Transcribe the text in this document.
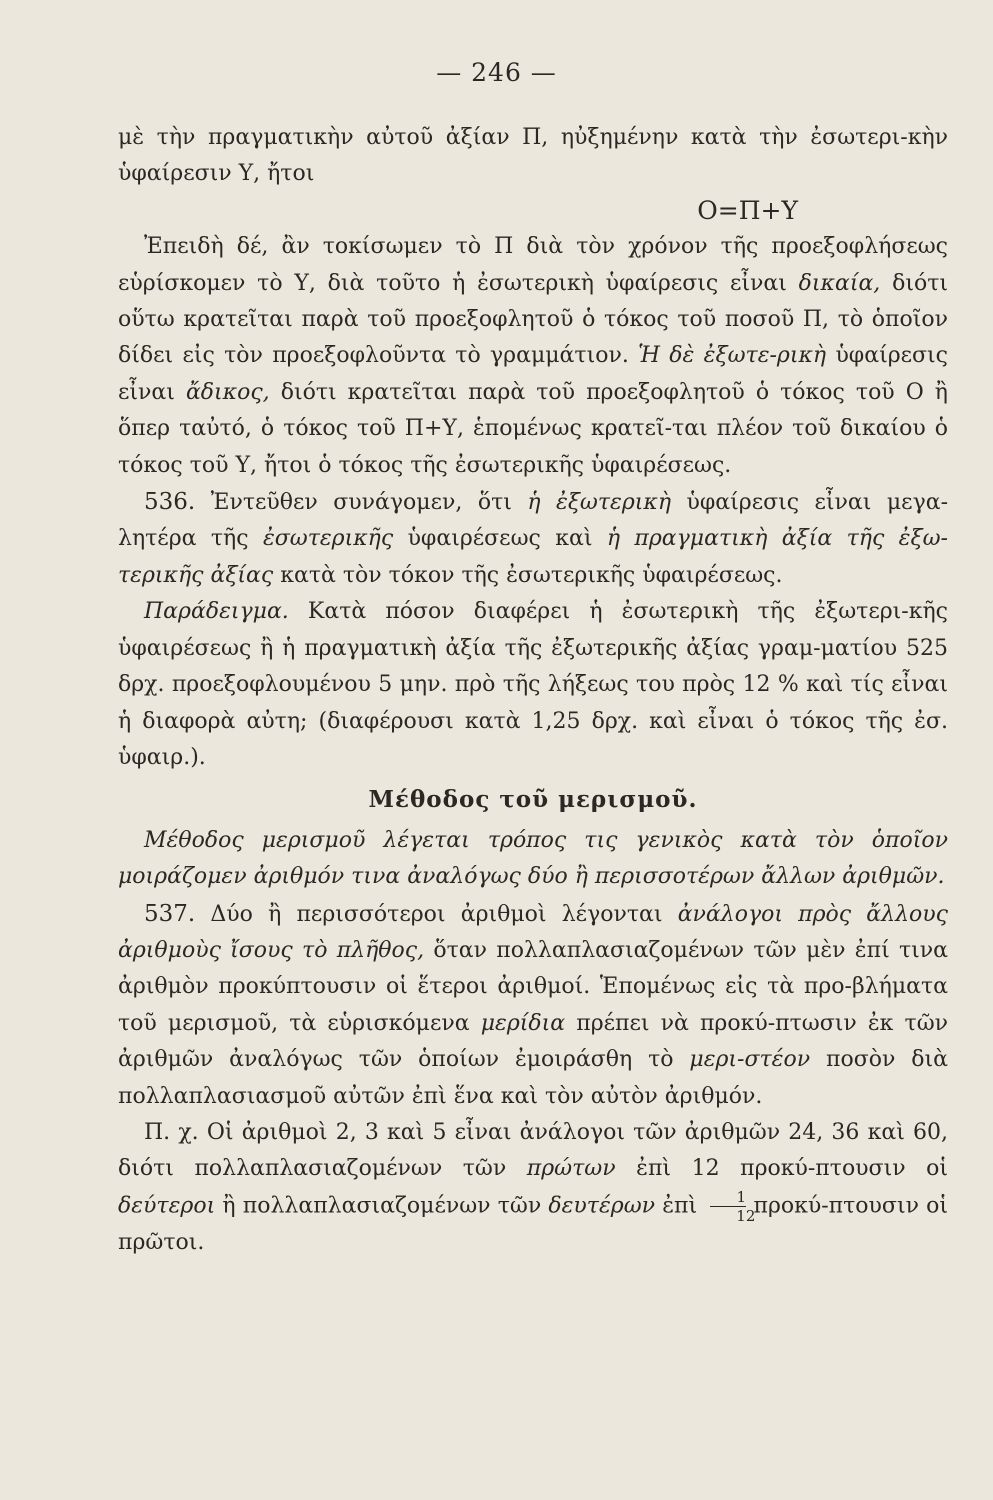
— 246 —

μὲ τὴν πραγματικὴν αὐτοῦ ἀξίαν Π, ηὐξημένην κατὰ τὴν ἐσωτερι-κὴν ὑφαίρεσιν Υ, ἤτοι

Ο=Π+Υ

Ἐπειδὴ δέ, ἂν τοκίσωμεν τὸ Π διὰ τὸν χρόνον τῆς προεξοφλήσεως εὑρίσκομεν τὸ Υ, διὰ τοῦτο ἡ ἐσωτερικὴ ὑφαίρεσις εἶναι δικαία, διότι οὕτω κρατεῖται παρὰ τοῦ προεξοφλητοῦ ὁ τόκος τοῦ ποσοῦ Π, τὸ ὁποῖον δίδει εἰς τὸν προεξοφλοῦντα τὸ γραμμάτιον. Ἡ δὲ ἐξωτε-ρικὴ ὑφαίρεσις εἶναι ἄδικος, διότι κρατεῖται παρὰ τοῦ προεξοφλητοῦ ὁ τόκος τοῦ Ο ἢ ὅπερ ταὐτό, ὁ τόκος τοῦ Π+Υ, ἑπομένως κρατεῖ-ται πλέον τοῦ δικαίου ὁ τόκος τοῦ Υ, ἤτοι ὁ τόκος τῆς ἐσωτερικῆς ὑφαιρέσεως.

536. Ἐντεῦθεν συνάγομεν, ὅτι ἡ ἐξωτερικὴ ὑφαίρεσις εἶναι μεγα-λητέρα τῆς ἐσωτερικῆς ὑφαιρέσεως καὶ ἡ πραγματικὴ ἀξία τῆς ἐξω-τερικῆς ἀξίας κατὰ τὸν τόκον τῆς ἐσωτερικῆς ὑφαιρέσεως.

Παράδειγμα. Κατὰ πόσον διαφέρει ἡ ἐσωτερικὴ τῆς ἐξωτερι-κῆς ὑφαιρέσεως ἢ ἡ πραγματικὴ ἀξία τῆς ἐξωτερικῆς ἀξίας γραμ-ματίου 525 δρχ. προεξοφλουμένου 5 μην. πρὸ τῆς λήξεως του πρὸς 12 % καὶ τίς εἶναι ἡ διαφορὰ αὐτη; (διαφέρουσι κατὰ 1,25 δρχ. καὶ εἶναι ὁ τόκος τῆς ἐσ. ὑφαιρ.).

Μέθοδος τοῦ μερισμοῦ.

Μέθοδος μερισμοῦ λέγεται τρόπος τις γενικὸς κατὰ τὸν ὁποῖον μοιράζομεν ἀριθμόν τινα ἀναλόγως δύο ἢ περισσοτέρων ἄλλων ἀριθμῶν.

537. Δύο ἢ περισσότεροι ἀριθμοὶ λέγονται ἀνάλογοι πρὸς ἄλλους ἀριθμοὺς ἴσους τὸ πλῆθος, ὅταν πολλαπλασιαζομένων τῶν μὲν ἐπί τινα ἀριθμὸν προκύπτουσιν οἱ ἕτεροι ἀριθμοί. Ἑπομένως εἰς τὰ προ-βλήματα τοῦ μερισμοῦ, τὰ εὑρισκόμενα μερίδια πρέπει νὰ προκύ-πτωσιν ἐκ τῶν ἀριθμῶν ἀναλόγως τῶν ὁποίων ἐμοιράσθη τὸ μερι-στέον ποσὸν διὰ πολλαπλασιασμοῦ αὐτῶν ἐπὶ ἕνα καὶ τὸν αὐτὸν ἀριθμόν.

Π. χ. Οἱ ἀριθμοὶ 2, 3 καὶ 5 εἶναι ἀνάλογοι τῶν ἀριθμῶν 24, 36 καὶ 60, διότι πολλαπλασιαζομένων τῶν πρώτων ἐπὶ 12 προκύ-πτουσιν οἱ δεύτεροι ἢ πολλαπλασιαζομένων τῶν δευτέρων ἐπὶ $\frac{1}{12} \pi\rho o\kappa ύ-\pi\tau o\upsilon\sigma\iota\nu$ οἱ πρῶτοι.
